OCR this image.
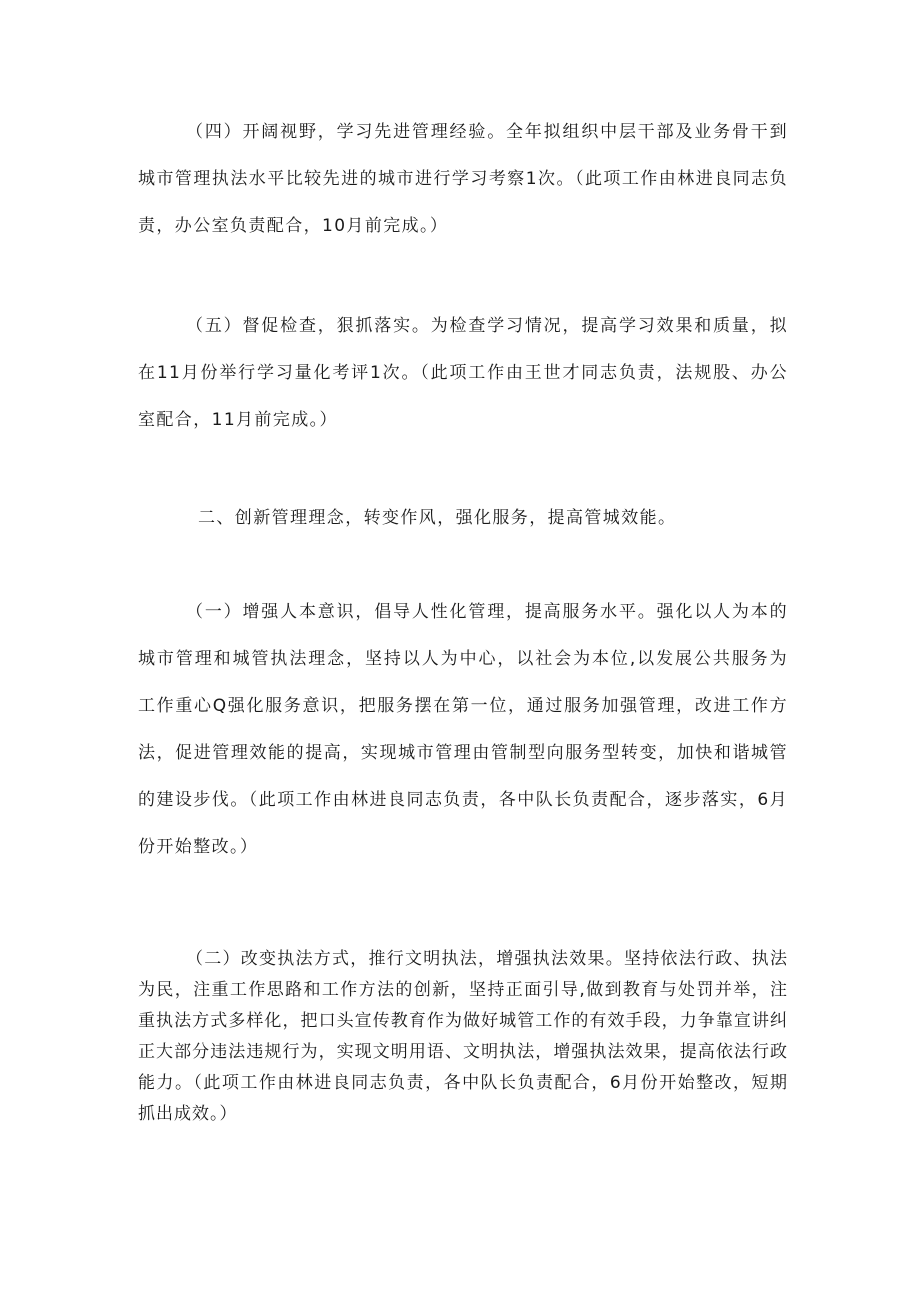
（四）开阔视野，学习先进管理经验。全年拟组织中层干部及业务骨干到城市管理执法水平比较先进的城市进行学习考察1次。（此项工作由林进良同志负责，办公室负责配合，10月前完成。）

（五）督促检查，狠抓落实。为检查学习情况，提高学习效果和质量，拟在11月份举行学习量化考评1次。（此项工作由王世才同志负责，法规股、办公室配合，11月前完成。）

二、创新管理理念，转变作风，强化服务，提高管城效能。

（一）增强人本意识，倡导人性化管理，提高服务水平。强化以人为本的城市管理和城管执法理念，坚持以人为中心，以社会为本位,以发展公共服务为工作重心Q强化服务意识，把服务摆在第一位，通过服务加强管理，改进工作方法，促进管理效能的提高，实现城市管理由管制型向服务型转变，加快和谐城管的建设步伐。（此项工作由林进良同志负责，各中队长负责配合，逐步落实，6月份开始整改。）

（二）改变执法方式，推行文明执法，增强执法效果。坚持依法行政、执法为民，注重工作思路和工作方法的创新，坚持正面引导,做到教育与处罚并举，注重执法方式多样化，把口头宣传教育作为做好城管工作的有效手段，力争靠宣讲纠正大部分违法违规行为，实现文明用语、文明执法，增强执法效果，提高依法行政能力。（此项工作由林进良同志负责，各中队长负责配合，6月份开始整改，短期抓出成效。）
